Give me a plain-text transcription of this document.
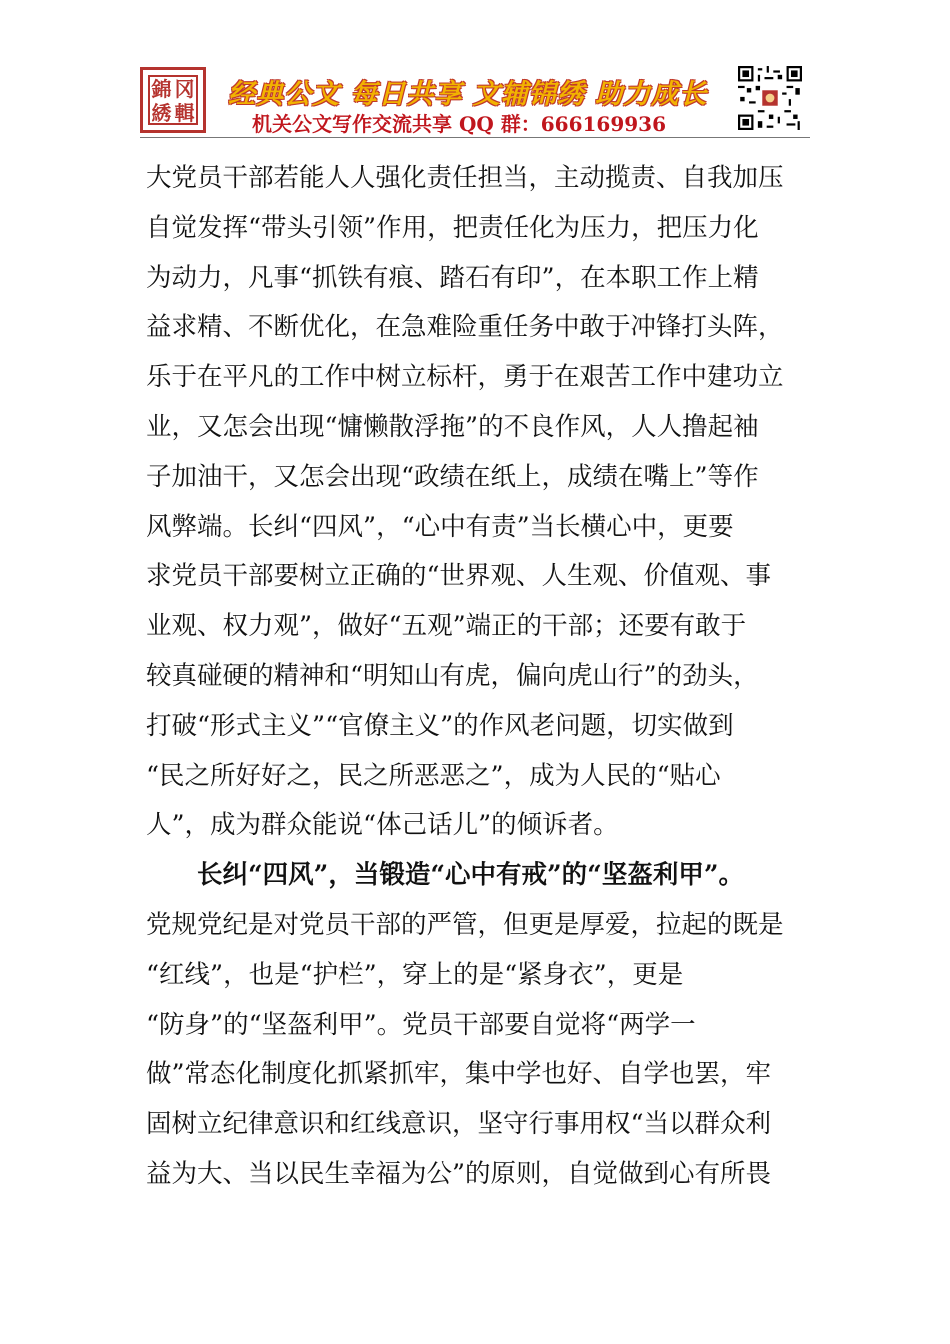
錦 冈
綉 輯
经典公文 每日共享 文辅锦绣 助力成长
机关公文写作交流共享 QQ 群：666169936
大党员干部若能人人强化责任担当，主动揽责、自我加压
自觉发挥“带头引领”作用，把责任化为压力，把压力化
为动力，凡事“抓铁有痕、踏石有印”，在本职工作上精
益求精、不断优化，在急难险重任务中敢于冲锋打头阵，
乐于在平凡的工作中树立标杆，勇于在艰苦工作中建功立
业，又怎会出现“慵懒散浮拖”的不良作风，人人撸起袖
子加油干，又怎会出现“政绩在纸上，成绩在嘴上”等作
风弊端。长纠“四风”，“心中有责”当长横心中，更要
求党员干部要树立正确的“世界观、人生观、价值观、事
业观、权力观”，做好“五观”端正的干部；还要有敢于
较真碰硬的精神和“明知山有虎，偏向虎山行”的劲头，
打破“形式主义”“官僚主义”的作风老问题，切实做到
“民之所好好之，民之所恶恶之”，成为人民的“贴心
人”，成为群众能说“体己话儿”的倾诉者。
　　长纠“四风”，当锻造“心中有戒”的“坚盔利甲”。
党规党纪是对党员干部的严管，但更是厚爱，拉起的既是
“红线”，也是“护栏”，穿上的是“紧身衣”，更是
“防身”的“坚盔利甲”。党员干部要自觉将“两学一
做”常态化制度化抓紧抓牢，集中学也好、自学也罢，牢
固树立纪律意识和红线意识，坚守行事用权“当以群众利
益为大、当以民生幸福为公”的原则，自觉做到心有所畏
